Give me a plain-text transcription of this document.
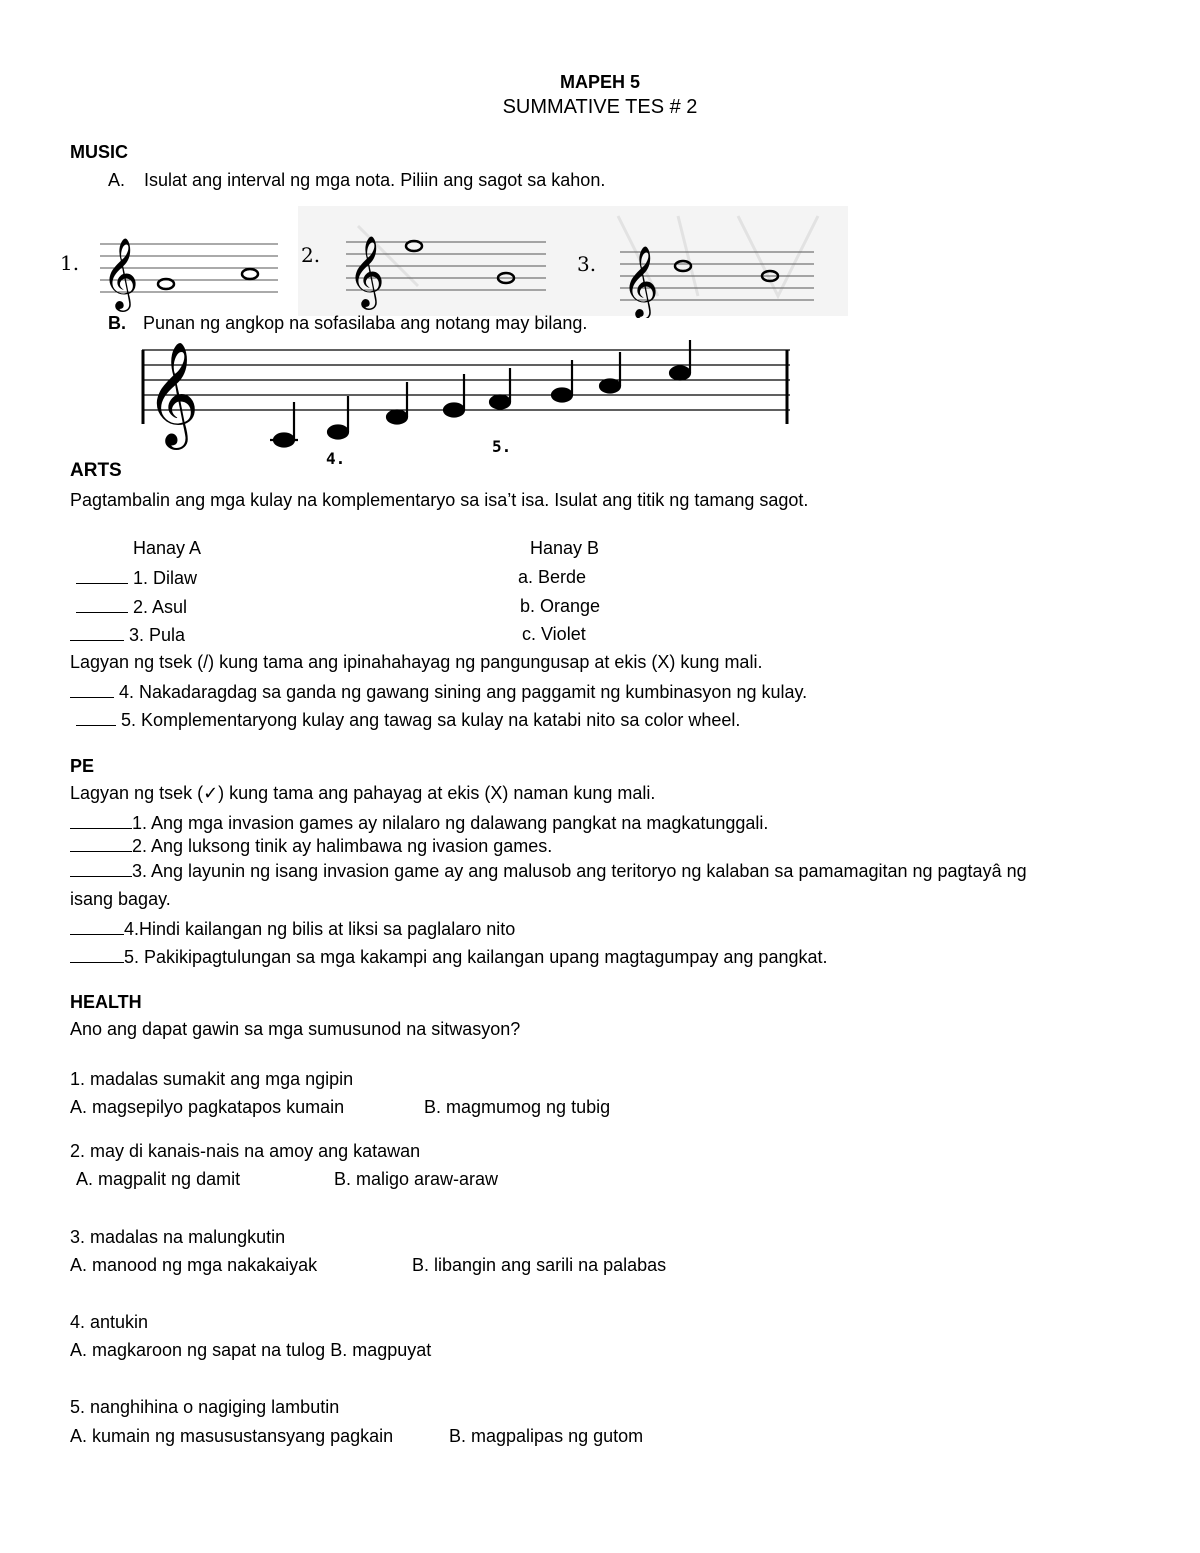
MAPEH 5
SUMMATIVE TES # 2
MUSIC
A. Isulat ang interval ng mga nota. Piliin ang sagot sa kahon.
1. 𝄞	2. 𝄞	3. 𝄞
B. Punan ng angkop na sofasilaba ang notang may bilang.
𝄞
4.
5.
ARTS
Pagtambalin ang mga kulay na komplementaryo sa isa’t isa. Isulat ang titik ng tamang sagot.
Hanay A	Hanay B
1. Dilaw	a. Berde
2. Asul	b. Orange
3. Pula	c. Violet
Lagyan ng tsek (/) kung tama ang ipinahahayag ng pangungusap at ekis (X) kung mali.
4. Nakadaragdag sa ganda ng gawang sining ang paggamit ng kumbinasyon ng kulay.
5. Komplementaryong kulay ang tawag sa kulay na katabi nito sa color wheel.
PE
Lagyan ng tsek (✓) kung tama ang pahayag at ekis (X) naman kung mali.
1. Ang mga invasion games ay nilalaro ng dalawang pangkat na magkatunggali.
2. Ang luksong tinik ay halimbawa ng ivasion games.
3. Ang layunin ng isang invasion game ay ang malusob ang teritoryo ng kalaban sa pamamagitan ng pagtayâ ng
isang bagay.
4.Hindi kailangan ng bilis at liksi sa paglalaro nito
5. Pakikipagtulungan sa mga kakampi ang kailangan upang magtagumpay ang pangkat.
HEALTH
Ano ang dapat gawin sa mga sumusunod na sitwasyon?
1. madalas sumakit ang mga ngipin
A. magsepilyo pagkatapos kumain	B. magmumog ng tubig
2. may di kanais-nais na amoy ang katawan
A. magpalit ng damit	B. maligo araw-araw
3. madalas na malungkutin
A. manood ng mga nakakaiyak	B. libangin ang sarili na palabas
4. antukin
A. magkaroon ng sapat na tulog B. magpuyat
5. nanghihina o nagiging lambutin
A. kumain ng masusustansyang pagkain	B. magpalipas ng gutom
